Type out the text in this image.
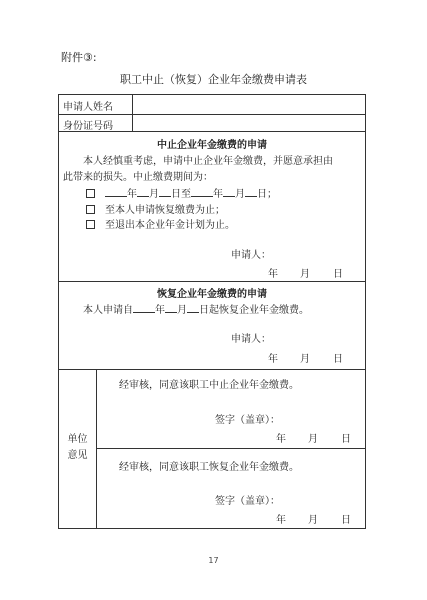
附件③:
职工中止（恢复）企业年金缴费申请表
申请人姓名
身份证号码
中止企业年金缴费的申请
本人经慎重考虑，申请中止企业年金缴费，并愿意承担由
此带来的损失。中止缴费期间为：
年 月 日至 年 月 日；
至本人申请恢复缴费为止；
至退出本企业年金计划为止。
申请人：
年 月 日
恢复企业年金缴费的申请
本人申请自 年 月 日起恢复企业年金缴费。
申请人：
年 月 日
单位
意见
经审核，同意该职工中止企业年金缴费。
签字（盖章）：
年 月 日
经审核，同意该职工恢复企业年金缴费。
签字（盖章）：
年 月 日
17
